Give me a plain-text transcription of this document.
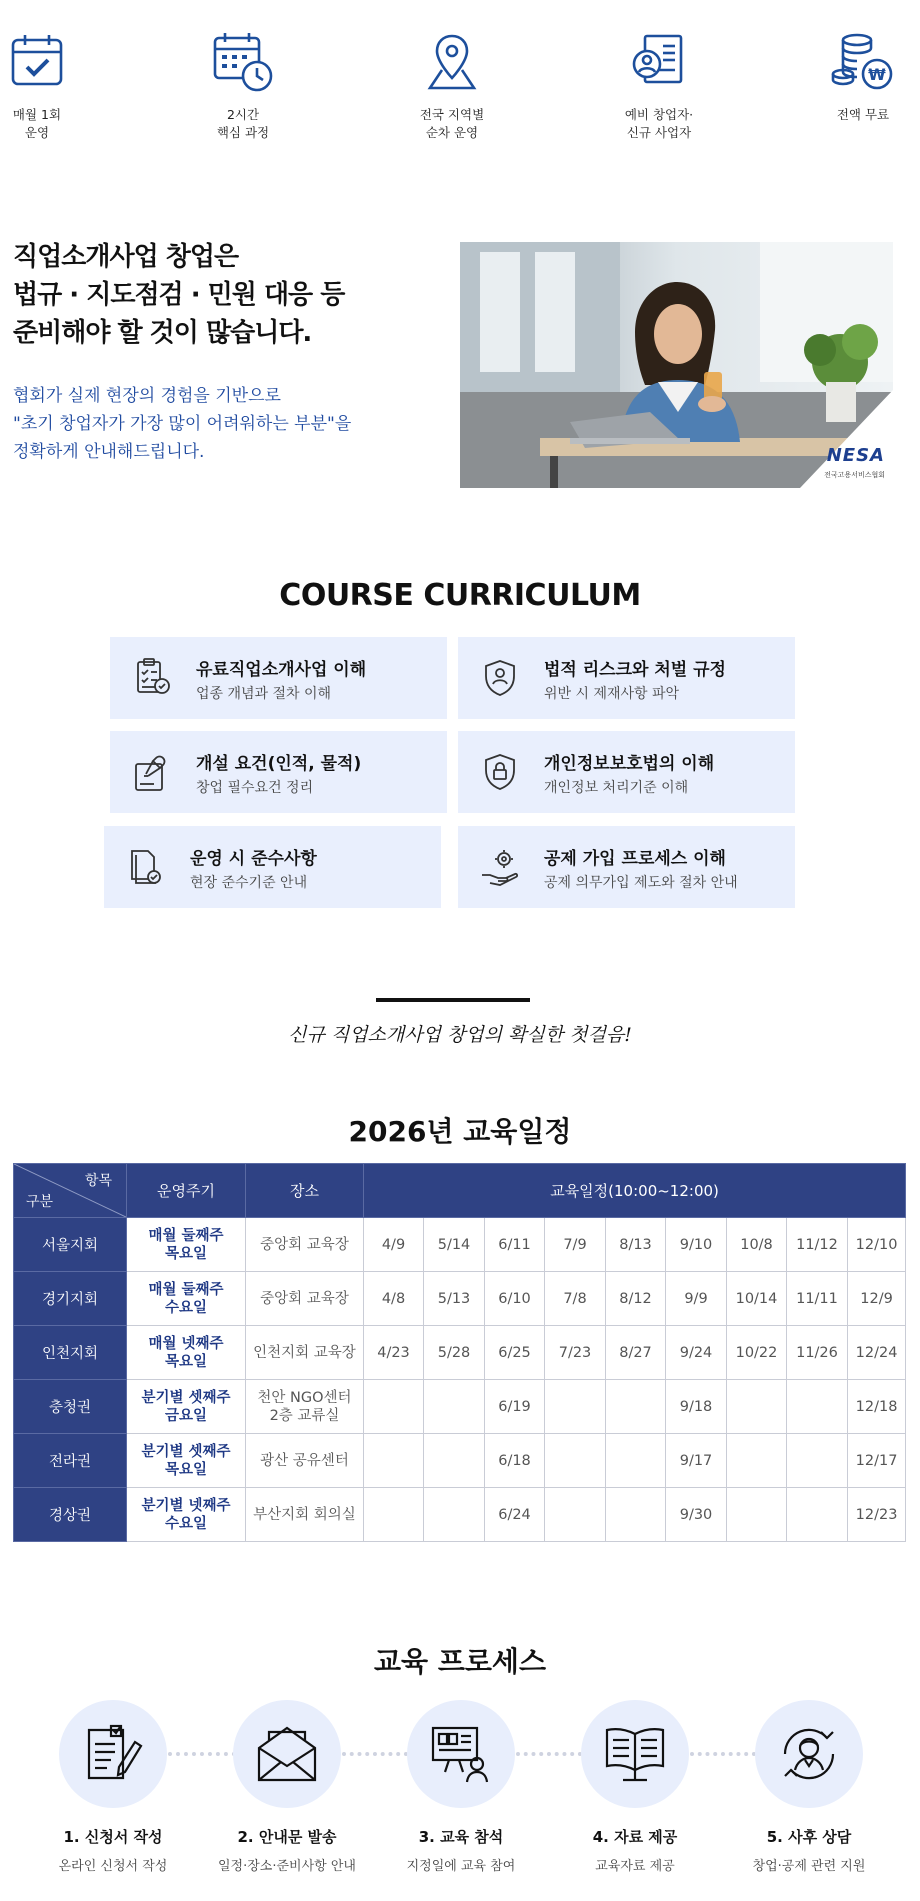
매월 1회
운영
2시간
핵심 과정
전국 지역별
순차 운영
예비 창업자·
신규 사업자
₩
전액 무료
직업소개사업 창업은
법규 · 지도점검 · 민원 대응 등
준비해야 할 것이 많습니다.
협회가 실제 현장의 경험을 기반으로
"초기 창업자가 가장 많이 어려워하는 부분"을
정확하게 안내해드립니다.	NESA
전국고용서비스협회
COURSE CURRICULUM
유료직업소개사업 이해
업종 개념과 절차 이해
법적 리스크와 처벌 규정
위반 시 제재사항 파악
개설 요건(인적, 물적)
창업 필수요건 정리
개인정보보호법의 이해
개인정보 처리기준 이해
운영 시 준수사항
현장 준수기준 안내
공제 가입 프로세스 이해
공제 의무가입 제도와 절차 안내
신규 직업소개사업 창업의 확실한 첫걸음!
2026년 교육일정
항목
구분	운영주기	장소	교육일정(10:00~12:00)								
서울지회	매월 둘째주
목요일	중앙회 교육장	4/9	5/14	6/11	7/9	8/13	9/10	10/8	11/12	12/10
경기지회	매월 둘째주
수요일	중앙회 교육장	4/8	5/13	6/10	7/8	8/12	9/9	10/14	11/11	12/9
인천지회	매월 넷째주
목요일	인천지회 교육장	4/23	5/28	6/25	7/23	8/27	9/24	10/22	11/26	12/24
충청권	분기별 셋째주
금요일	천안 NGO센터
2층 교류실			6/19			9/18			12/18
전라권	분기별 셋째주
목요일	광산 공유센터			6/18			9/17			12/17
경상권	분기별 넷째주
수요일	부산지회 회의실			6/24			9/30			12/23
교육 프로세스
1. 신청서 작성
온라인 신청서 작성
2. 안내문 발송
일정·장소·준비사항 안내
3. 교육 참석
지정일에 교육 참여
4. 자료 제공
교육자료 제공
5. 사후 상담
창업·공제 관련 지원
